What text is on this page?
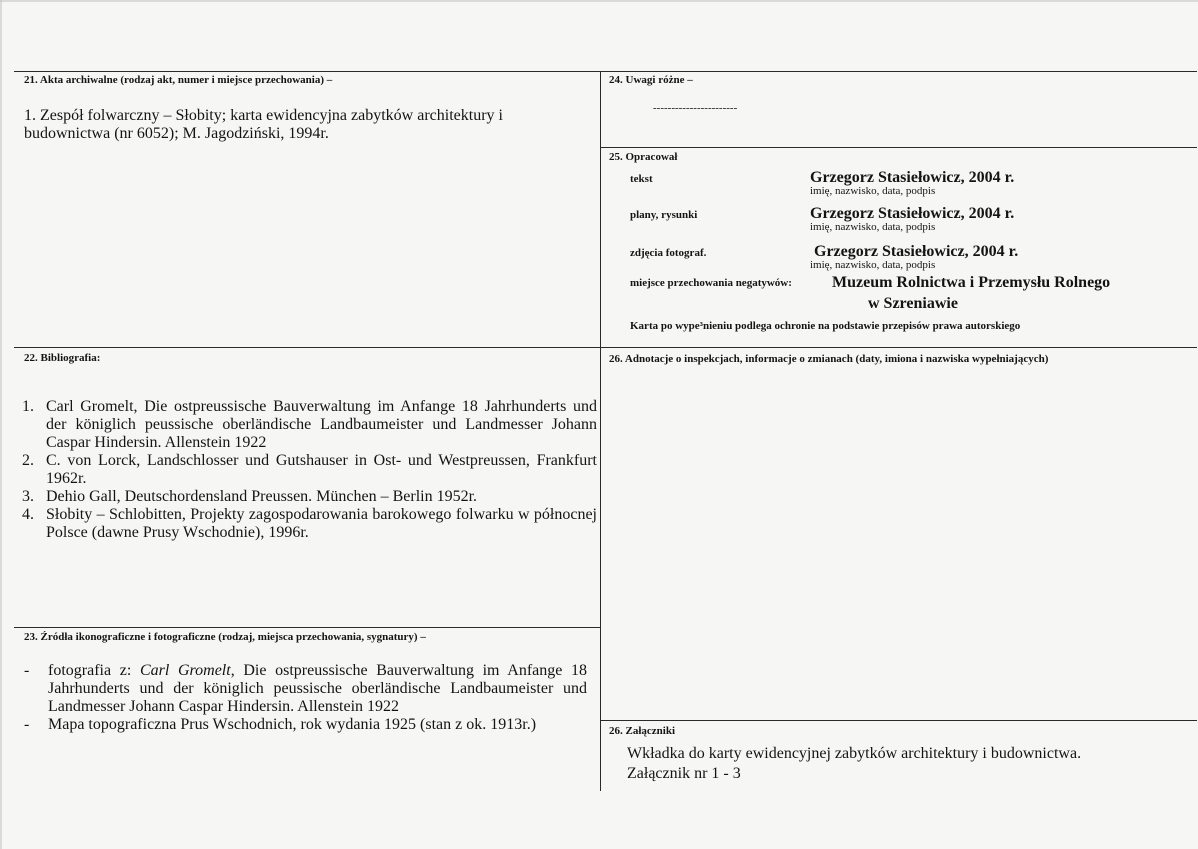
21. Akta archiwalne (rodzaj akt, numer i miejsce przechowania) –
1. Zespół folwarczny – Słobity; karta ewidencyjna zabytków architektury i budownictwa (nr 6052); M. Jagodziński, 1994r.
24. Uwagi różne –
-----------------------
25. Opracował
tekst	Grzegorz Stasiełowicz, 2004 r.
imię, nazwisko, data, podpis
plany, rysunki	Grzegorz Stasiełowicz, 2004 r.
imię, nazwisko, data, podpis
zdjęcia fotograf.	Grzegorz Stasiełowicz, 2004 r.
imię, nazwisko, data, podpis
miejsce przechowania negatywów:	Muzeum Rolnictwa i Przemysłu Rolnego
w Szreniawie
Karta po wype³nieniu podlega ochronie na podstawie przepisów prawa autorskiego
22. Bibliografia:
1. Carl Gromelt, Die ostpreussische Bauverwaltung im Anfange 18 Jahrhunderts und der königlich peussische oberländische Landbaumeister und Landmesser Johann Caspar Hindersin. Allenstein 1922
2. C. von Lorck, Landschlosser und Gutshauser in Ost- und Westpreussen, Frankfurt 1962r.
3. Dehio Gall, Deutschordensland Preussen. München – Berlin 1952r.
4. Słobity – Schlobitten, Projekty zagospodarowania barokowego folwarku w północnej Polsce (dawne Prusy Wschodnie), 1996r.
26. Adnotacje o inspekcjach, informacje o zmianach (daty, imiona i nazwiska wypełniających)
23. Źródła ikonograficzne i fotograficzne (rodzaj, miejsca przechowania, sygnatury) –
- fotografia z: Carl Gromelt, Die ostpreussische Bauverwaltung im Anfange 18 Jahrhunderts und der königlich peussische oberländische Landbaumeister und Landmesser Johann Caspar Hindersin. Allenstein 1922
- Mapa topograficzna Prus Wschodnich, rok wydania 1925 (stan z ok. 1913r.)	26. Załączniki
Wkładka do karty ewidencyjnej zabytków architektury i budownictwa.
Załącznik nr 1 - 3
